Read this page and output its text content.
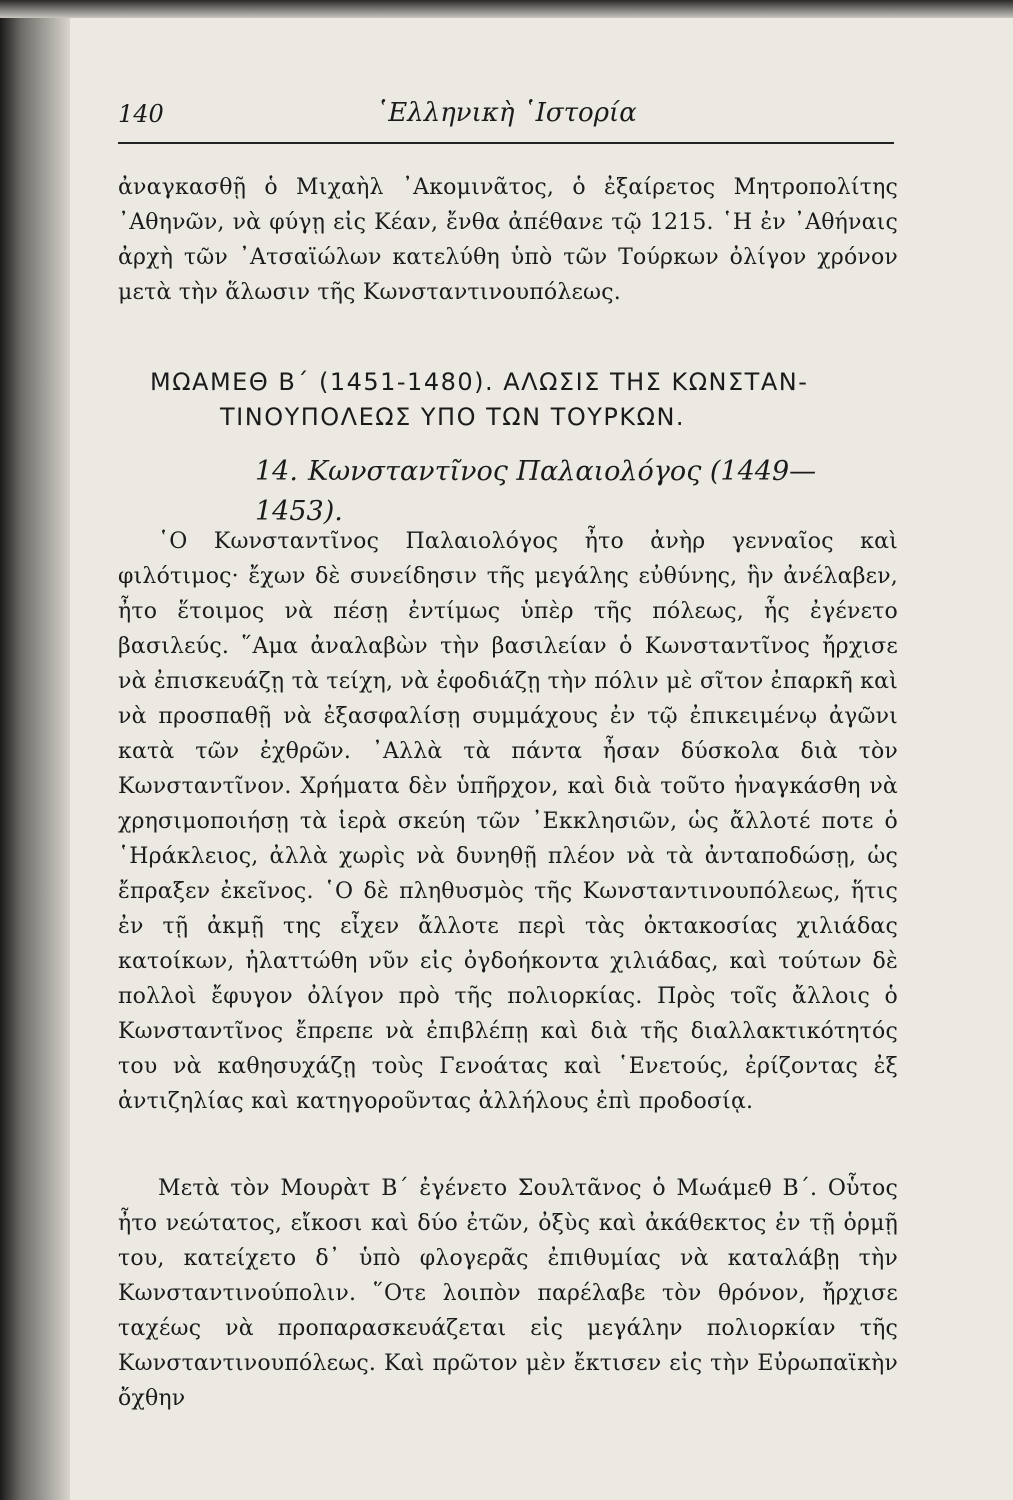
140	῾Ελληνικὴ ῾Ιστορία
ἀναγκασθῇ ὁ Μιχαὴλ ᾿Ακομινᾶτος, ὁ ἐξαίρετος Μητροπολίτης ᾿Αθηνῶν, νὰ φύγῃ εἰς Κέαν, ἔνθα ἀπέθανε τῷ 1215. ῾Η ἐν ᾿Αθήναις ἀρχὴ τῶν ᾿Ατσαϊώλων κατελύθη ὑπὸ τῶν Τούρκων ὀλίγον χρόνον μετὰ τὴν ἅλωσιν τῆς Κωνσταντινουπόλεως.
ΜΩΑΜΕΘ Β΄ (1451-1480). ΑΛΩΣΙΣ ΤΗΣ ΚΩΝΣΤΑΝ-
ΤΙΝΟΥΠΟΛΕΩΣ ΥΠΟ ΤΩΝ ΤΟΥΡΚΩΝ.
14. Κωνσταντῖνος Παλαιολόγος (1449—1453).
῾Ο Κωνσταντῖνος Παλαιολόγος ἦτο ἀνὴρ γενναῖος καὶ φιλότιμος· ἔχων δὲ συνείδησιν τῆς μεγάλης εὐθύνης, ἣν ἀνέλαβεν, ἦτο ἕτοιμος νὰ πέσῃ ἐντίμως ὑπὲρ τῆς πόλεως, ἧς ἐγένετο βασιλεύς. ῞Αμα ἀναλαβὼν τὴν βασιλείαν ὁ Κωνσταντῖνος ἤρχισε νὰ ἐπισκευάζῃ τὰ τείχη, νὰ ἐφοδιάζῃ τὴν πόλιν μὲ σῖτον ἐπαρκῆ καὶ νὰ προσπαθῇ νὰ ἐξασφαλίσῃ συμμάχους ἐν τῷ ἐπικειμένῳ ἀγῶνι κατὰ τῶν ἐχθρῶν. ᾿Αλλὰ τὰ πάντα ἦσαν δύσκολα διὰ τὸν Κωνσταντῖνον. Χρήματα δὲν ὑπῆρχον, καὶ διὰ τοῦτο ἠναγκάσθη νὰ χρησιμοποιήσῃ τὰ ἱερὰ σκεύη τῶν ᾿Εκκλησιῶν, ὡς ἄλλοτέ ποτε ὁ ῾Ηράκλειος, ἀλλὰ χωρὶς νὰ δυνηθῇ πλέον νὰ τὰ ἀνταποδώσῃ, ὡς ἔπραξεν ἐκεῖνος. ῾Ο δὲ πληθυσμὸς τῆς Κωνσταντινουπόλεως, ἥτις ἐν τῇ ἀκμῇ της εἶχεν ἄλλοτε περὶ τὰς ὀκτακοσίας χιλιάδας κατοίκων, ἠλαττώθη νῦν εἰς ὀγδοήκοντα χιλιάδας, καὶ τούτων δὲ πολλοὶ ἔφυγον ὀλίγον πρὸ τῆς πολιορκίας. Πρὸς τοῖς ἄλλοις ὁ Κωνσταντῖνος ἔπρεπε νὰ ἐπιβλέπῃ καὶ διὰ τῆς διαλλακτικότητός του νὰ καθησυχάζῃ τοὺς Γενοάτας καὶ ῾Ενετούς, ἐρίζοντας ἐξ ἀντιζηλίας καὶ κατηγοροῦντας ἀλλήλους ἐπὶ προδοσίᾳ.
Μετὰ τὸν Μουρὰτ Β΄ ἐγένετο Σουλτᾶνος ὁ Μωάμεθ Β΄. Οὗτος ἦτο νεώτατος, εἴκοσι καὶ δύο ἐτῶν, ὀξὺς καὶ ἀκάθεκτος ἐν τῇ ὁρμῇ του, κατείχετο δ᾿ ὑπὸ φλογερᾶς ἐπιθυμίας νὰ καταλάβῃ τὴν Κωνσταντινούπολιν. ῞Οτε λοιπὸν παρέλαβε τὸν θρόνον, ἤρχισε ταχέως νὰ προπαρασκευάζεται εἰς μεγάλην πολιορκίαν τῆς Κωνσταντινουπόλεως. Καὶ πρῶτον μὲν ἔκτισεν εἰς τὴν Εὐρωπαϊκὴν ὄχθην
